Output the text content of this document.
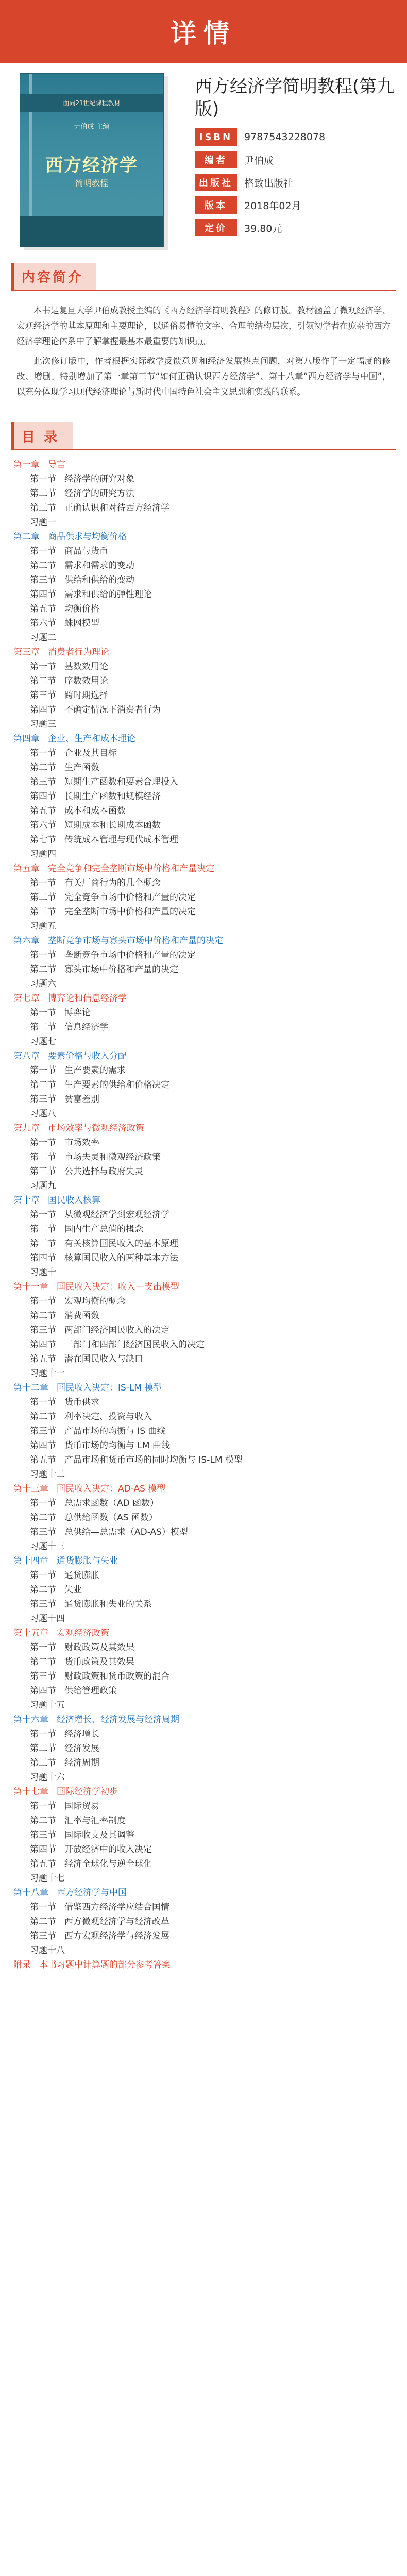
详情
面向21世纪课程教材
尹伯成 主编
西方经济学
简明教程
西方经济学简明教程(第九版)
ISBN	9787543228078
编者	尹伯成
出版社	格致出版社
版本	2018年02月
定价	39.80元
内容简介

本书是复旦大学尹伯成教授主编的《西方经济学简明教程》的修订版。教材涵盖了微观经济学、宏观经济学的基本原理和主要理论，以通俗易懂的文字、合理的结构层次，引领初学者在庞杂的西方经济学理论体系中了解掌握最基本最重要的知识点。

此次修订版中，作者根据实际教学反馈意见和经济发展热点问题，对第八版作了一定幅度的修改、增删。特别增加了第一章第三节“如何正确认识西方经济学”、第十八章“西方经济学与中国”，以充分体现学习现代经济理论与新时代中国特色社会主义思想和实践的联系。

目 录
第一章 导言
第一节 经济学的研究对象
第二节 经济学的研究方法
第三节 正确认识和对待西方经济学
习题一
第二章 商品供求与均衡价格
第一节 商品与货币
第二节 需求和需求的变动
第三节 供给和供给的变动
第四节 需求和供给的弹性理论
第五节 均衡价格
第六节 蛛网模型
习题二
第三章 消费者行为理论
第一节 基数效用论
第二节 序数效用论
第三节 跨时期选择
第四节 不确定情况下消费者行为
习题三
第四章 企业、生产和成本理论
第一节 企业及其目标
第二节 生产函数
第三节 短期生产函数和要素合理投入
第四节 长期生产函数和规模经济
第五节 成本和成本函数
第六节 短期成本和长期成本函数
第七节 传统成本管理与现代成本管理
习题四
第五章 完全竞争和完全垄断市场中价格和产量决定
第一节 有关厂商行为的几个概念
第二节 完全竞争市场中价格和产量的决定
第三节 完全垄断市场中价格和产量的决定
习题五
第六章 垄断竞争市场与寡头市场中价格和产量的决定
第一节 垄断竞争市场中价格和产量的决定
第二节 寡头市场中价格和产量的决定
习题六
第七章 博弈论和信息经济学
第一节 博弈论
第二节 信息经济学
习题七
第八章 要素价格与收入分配
第一节 生产要素的需求
第二节 生产要素的供给和价格决定
第三节 贫富差别
习题八
第九章 市场效率与微观经济政策
第一节 市场效率
第二节 市场失灵和微观经济政策
第三节 公共选择与政府失灵
习题九
第十章 国民收入核算
第一节 从微观经济学到宏观经济学
第二节 国内生产总值的概念
第三节 有关核算国民收入的基本原理
第四节 核算国民收入的两种基本方法
习题十
第十一章 国民收入决定：收入—支出模型
第一节 宏观均衡的概念
第二节 消费函数
第三节 两部门经济国民收入的决定
第四节 三部门和四部门经济国民收入的决定
第五节 潜在国民收入与缺口
习题十一
第十二章 国民收入决定：IS-LM 模型
第一节 货币供求
第二节 利率决定、投资与收入
第三节 产品市场的均衡与 IS 曲线
第四节 货币市场的均衡与 LM 曲线
第五节 产品市场和货币市场的同时均衡与 IS-LM 模型
习题十二
第十三章 国民收入决定：AD-AS 模型
第一节 总需求函数（AD 函数）
第二节 总供给函数（AS 函数）
第三节 总供给—总需求（AD-AS）模型
习题十三
第十四章 通货膨胀与失业
第一节 通货膨胀
第二节 失业
第三节 通货膨胀和失业的关系
习题十四
第十五章 宏观经济政策
第一节 财政政策及其效果
第二节 货币政策及其效果
第三节 财政政策和货币政策的混合
第四节 供给管理政策
习题十五
第十六章 经济增长、经济发展与经济周期
第一节 经济增长
第二节 经济发展
第三节 经济周期
习题十六
第十七章 国际经济学初步
第一节 国际贸易
第二节 汇率与汇率制度
第三节 国际收支及其调整
第四节 开放经济中的收入决定
第五节 经济全球化与逆全球化
习题十七
第十八章 西方经济学与中国
第一节 借鉴西方经济学应结合国情
第二节 西方微观经济学与经济改革
第三节 西方宏观经济学与经济发展
习题十八
附录 本书习题中计算题的部分参考答案
